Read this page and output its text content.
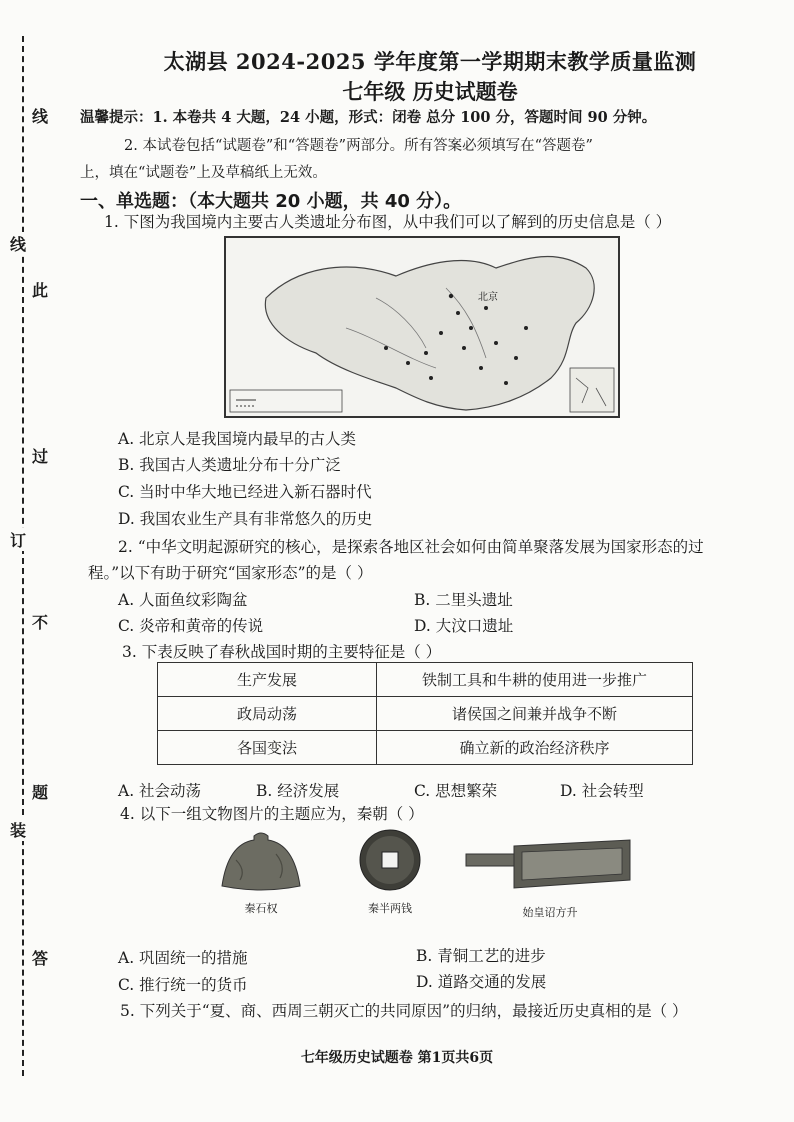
线
线
此
过
订
不
题
装
答
太湖县 2024-2025 学年度第一学期期末教学质量监测
七年级 历史试题卷
温馨提示：1. 本卷共 4 大题，24 小题，形式：闭卷 总分 100 分，答题时间 90 分钟。
2. 本试卷包括“试题卷”和“答题卷”两部分。所有答案必须填写在“答题卷”
上，填在“试题卷”上及草稿纸上无效。
一、单选题：（本大题共 20 小题，共 40 分）。
1. 下图为我国境内主要古人类遗址分布图，从中我们可以了解到的历史信息是（ ）
北京
A. 北京人是我国境内最早的古人类
B. 我国古人类遗址分布十分广泛
C. 当时中华大地已经进入新石器时代
D. 我国农业生产具有非常悠久的历史
2. “中华文明起源研究的核心，是探索各地区社会如何由简单聚落发展为国家形态的过
程。”以下有助于研究“国家形态”的是（ ）
A. 人面鱼纹彩陶盆	B. 二里头遗址
C. 炎帝和黄帝的传说	D. 大汶口遗址
3. 下表反映了春秋战国时期的主要特征是（ ）
生产发展	铁制工具和牛耕的使用进一步推广
政局动荡	诸侯国之间兼并战争不断
各国变法	确立新的政治经济秩序
A. 社会动荡	B. 经济发展	C. 思想繁荣	D. 社会转型
4. 以下一组文物图片的主题应为，秦朝（ ）
秦石权	秦半两钱	始皇诏方升
A. 巩固统一的措施	B. 青铜工艺的进步
C. 推行统一的货币	D. 道路交通的发展
5. 下列关于“夏、商、西周三朝灭亡的共同原因”的归纳，最接近历史真相的是（ ）
七年级历史试题卷 第1页共6页
